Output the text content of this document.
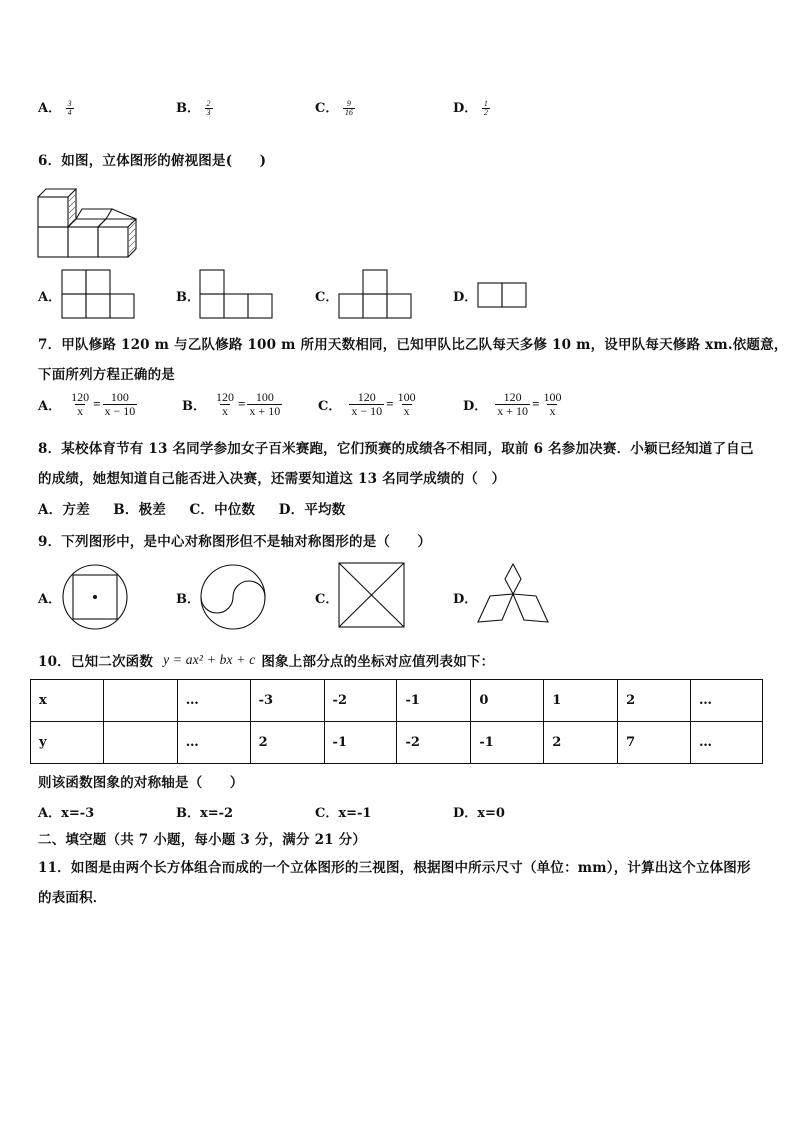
A． $\frac{3}{4}$	B． $\frac{2}{3}$	C． $\frac{9}{16}$	D． $\frac{1}{2}$
6．如图，立体图形的俯视图是(　　)
A．	B．	C．	D．
7．甲队修路 120 m 与乙队修路 100 m 所用天数相同，已知甲队比乙队每天多修 10 m，设甲队每天修路 xm.依题意，
下面所列方程正确的是
A． $\frac{120}{x} = \frac{100}{x - 10}$	B． $\frac{120}{x} = \frac{100}{x + 10}$	C． $\frac{120}{x - 10} = \frac{100}{x}$	D． $\frac{120}{x + 10} = \frac{100}{x}$
8．某校体育节有 13 名同学参加女子百米赛跑，它们预赛的成绩各不相同，取前 6 名参加决赛．小颖已经知道了自己
的成绩，她想知道自己能否进入决赛，还需要知道这 13 名同学成绩的（　）
A．方差　  B．极差　  C．中位数　  D．平均数
9．下列图形中，是中心对称图形但不是轴对称图形的是（　　）
A．	B．	C．	D．
10．已知二次函数 y = ax² + bx + c 图象上部分点的坐标对应值列表如下：
x		…	-3	-2	-1	0	1	2	…
y		…	2	-1	-2	-1	2	7	…
则该函数图象的对称轴是（　　）
A．x=-3	B．x=-2	C．x=-1	D．x=0
二、填空题（共 7 小题，每小题 3 分，满分 21 分）
11．如图是由两个长方体组合而成的一个立体图形的三视图，根据图中所示尺寸（单位：mm），计算出这个立体图形
的表面积．
